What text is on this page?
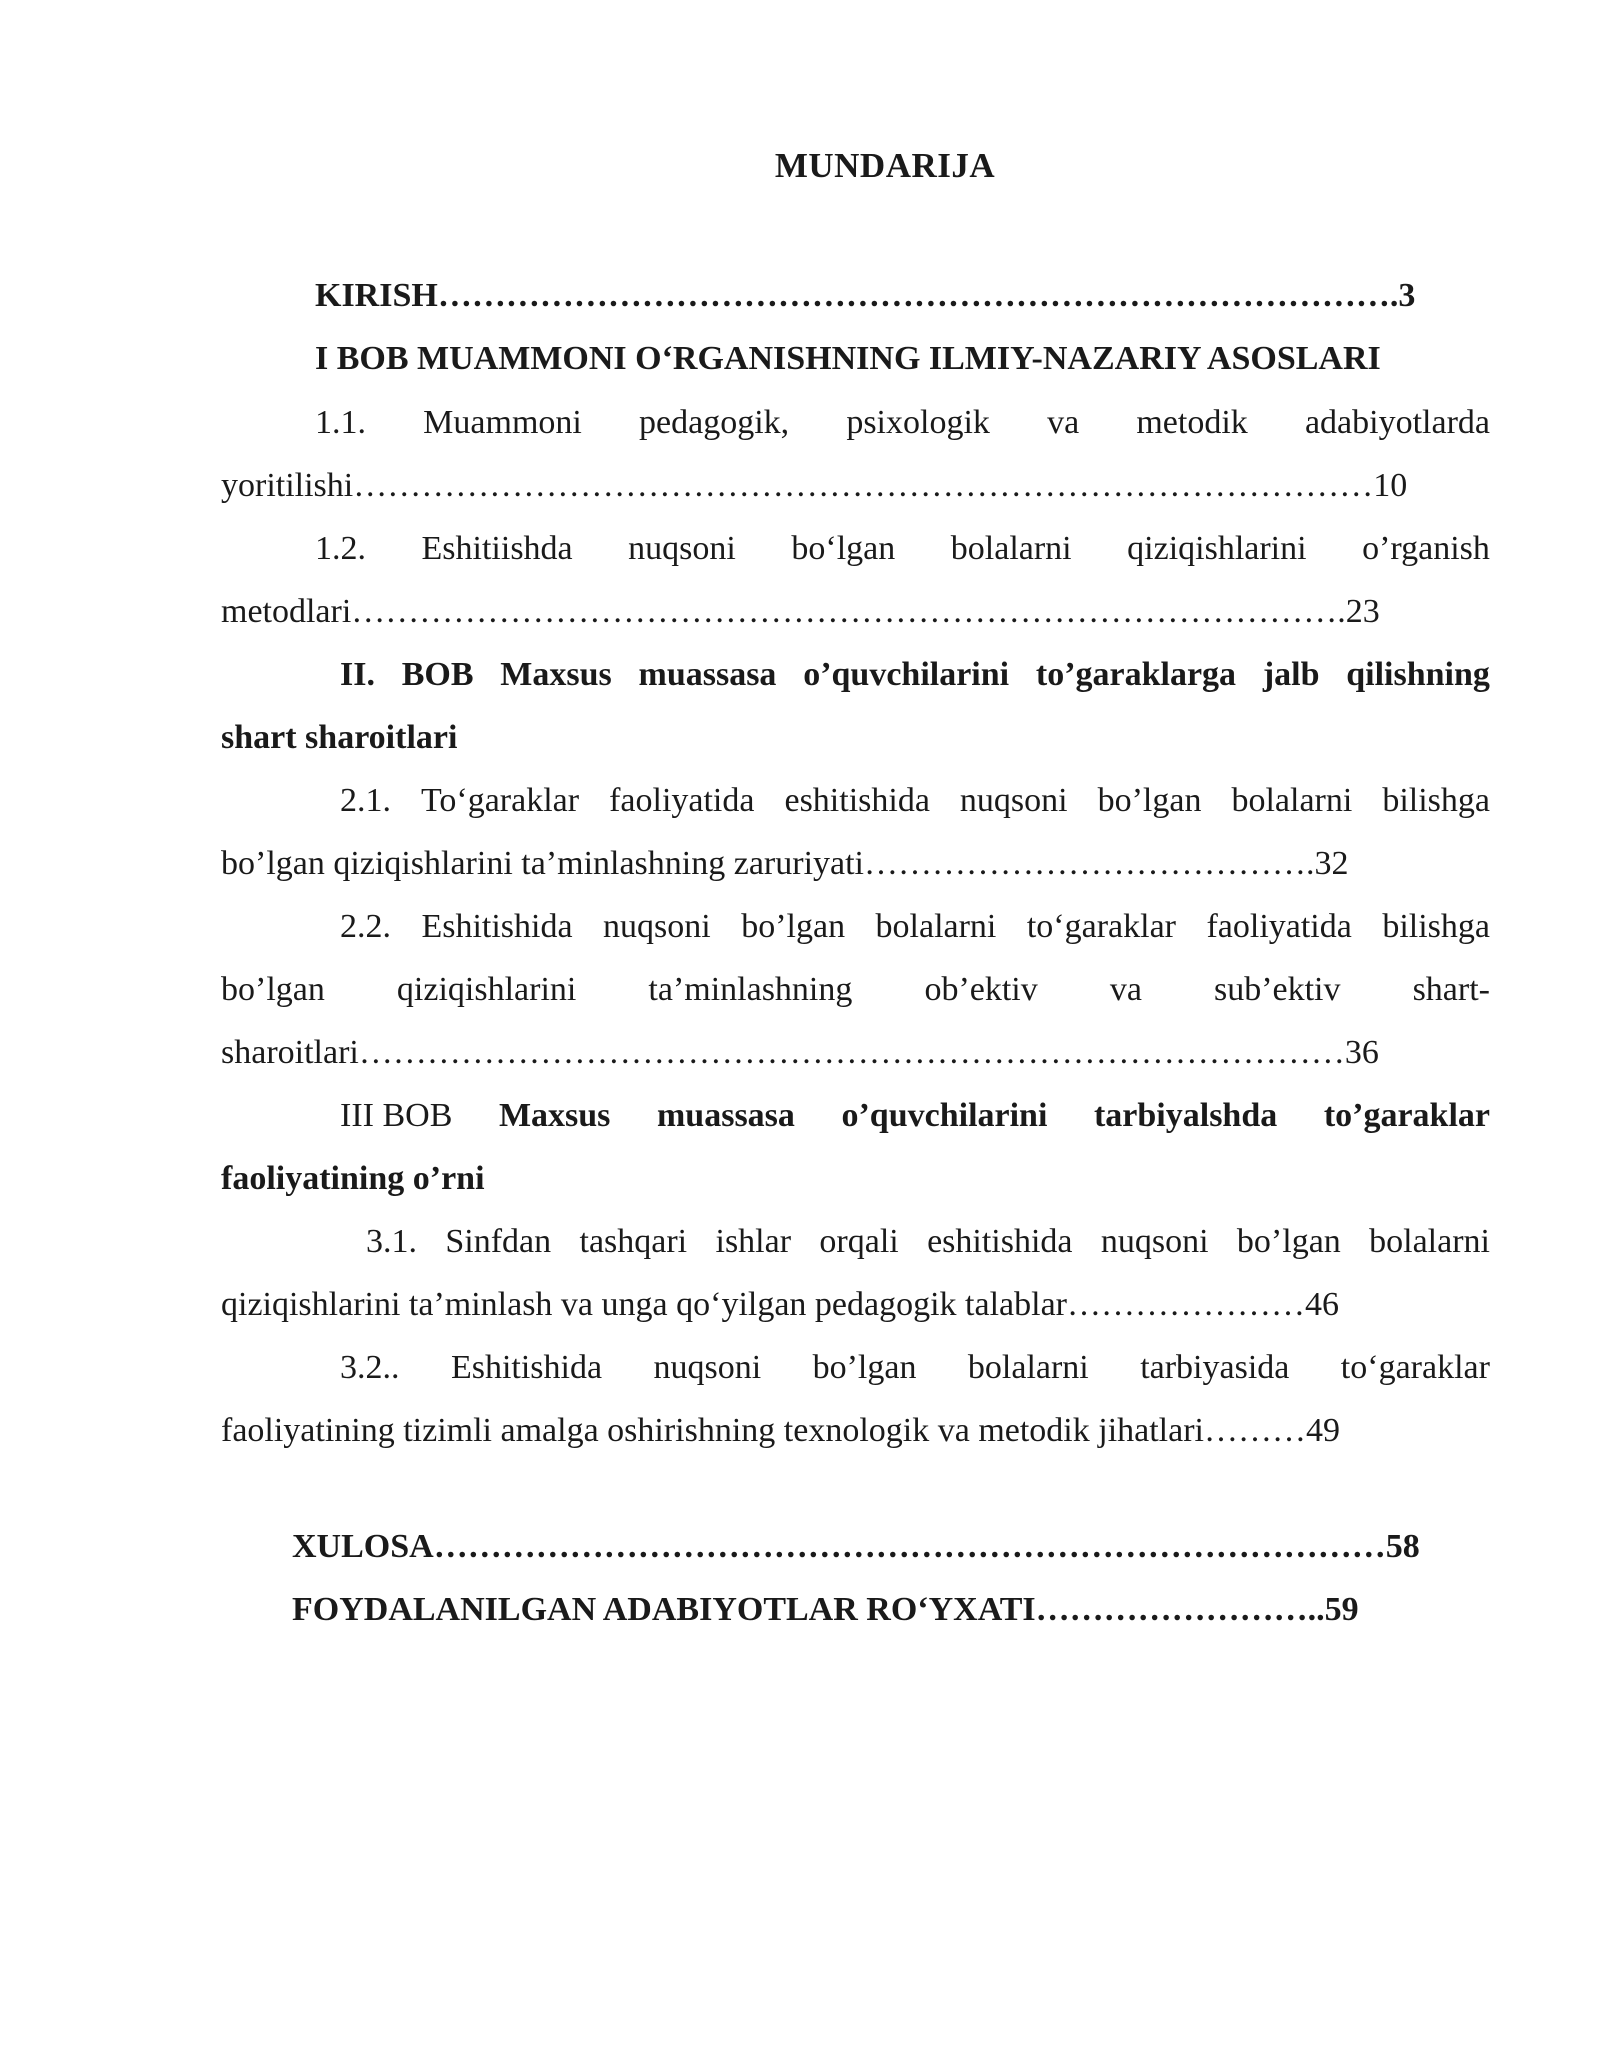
MUNDARIJA
KIRISH………………………………………………………………………….3
I BOB MUAMMONI O‘RGANISHNING ILMIY-NAZARIY ASOSLARI
1.1. Muammoni pedagogik, psixologik va metodik adabiyotlarda
yoritilishi………………………………………………………………………………10
1.2. Eshitiishda nuqsoni bo‘lgan bolalarni qiziqishlarini o’rganish
metodlari…………………………………………………………………………….23
II. BOB Maxsus muassasa o’quvchilarini to’garaklarga jalb qilishning
shart sharoitlari
2.1. To‘garaklar faoliyatida eshitishida nuqsoni bo’lgan bolalarni bilishga
bo’lgan qiziqishlarini ta’minlashning zaruriyati………………………………….32
2.2. Eshitishida nuqsoni bo’lgan bolalarni to‘garaklar faoliyatida bilishga
bo’lgan qiziqishlarini ta’minlashning ob’ektiv va sub’ektiv shart-
sharoitlari……………………………………………………………………………36
III BOB Maxsus muassasa o’quvchilarini tarbiyalshda to’garaklar
faoliyatining o’rni
3.1. Sinfdan tashqari ishlar orqali eshitishida nuqsoni bo’lgan bolalarni
qiziqishlarini ta’minlash va unga qo‘yilgan pedagogik talablar…………………46
3.2.. Eshitishida nuqsoni bo’lgan bolalarni tarbiyasida to‘garaklar
faoliyatining tizimli amalga oshirishning texnologik va metodik jihatlari………49
XULOSA…………………………………………………………………………58
FOYDALANILGAN ADABIYOTLAR RO‘YXATI……………………..59
